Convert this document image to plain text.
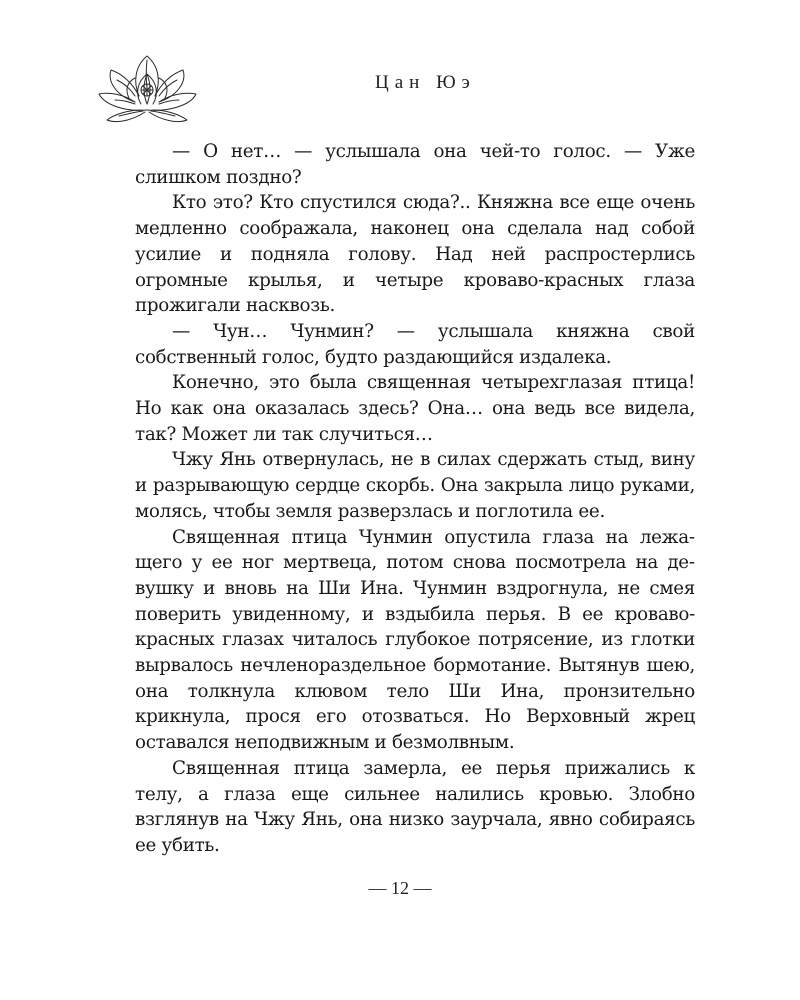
Цан Юэ

— О нет… — услышала она чей-то голос. — Уже слишком поздно?

Кто это? Кто спустился сюда?.. Княжна все еще очень медленно соображала, наконец она сделала над собой усилие и подняла голову. Над ней распростерлись огромные крылья, и четыре кроваво-красных глаза прожигали насквозь.

— Чун… Чунмин? — услышала княжна свой собственный голос, будто раздающийся издалека.

Конечно, это была священная четырехглазая птица! Но как она оказалась здесь? Она… она ведь все видела, так? Может ли так случиться…

Чжу Янь отвернулась, не в силах сдержать стыд, вину и разрывающую сердце скорбь. Она закрыла лицо руками, молясь, чтобы земля разверзлась и поглотила ее.

Священная птица Чунмин опустила глаза на лежащего у ее ног мертвеца, потом снова посмотрела на девушку и вновь на Ши Ина. Чунмин вздрогнула, не смея поверить увиденному, и вздыбила перья. В ее кроваво-красных глазах читалось глубокое потрясение, из глотки вырвалось нечленораздельное бормотание. Вытянув шею, она толкнула клювом тело Ши Ина, пронзительно крикнула, прося его отозваться. Но Верховный жрец оставался неподвижным и безмолвным.

Священная птица замерла, ее перья прижались к телу, а глаза еще сильнее налились кровью. Злобно взглянув на Чжу Янь, она низко заурчала, явно собираясь ее убить.

— 12 —
